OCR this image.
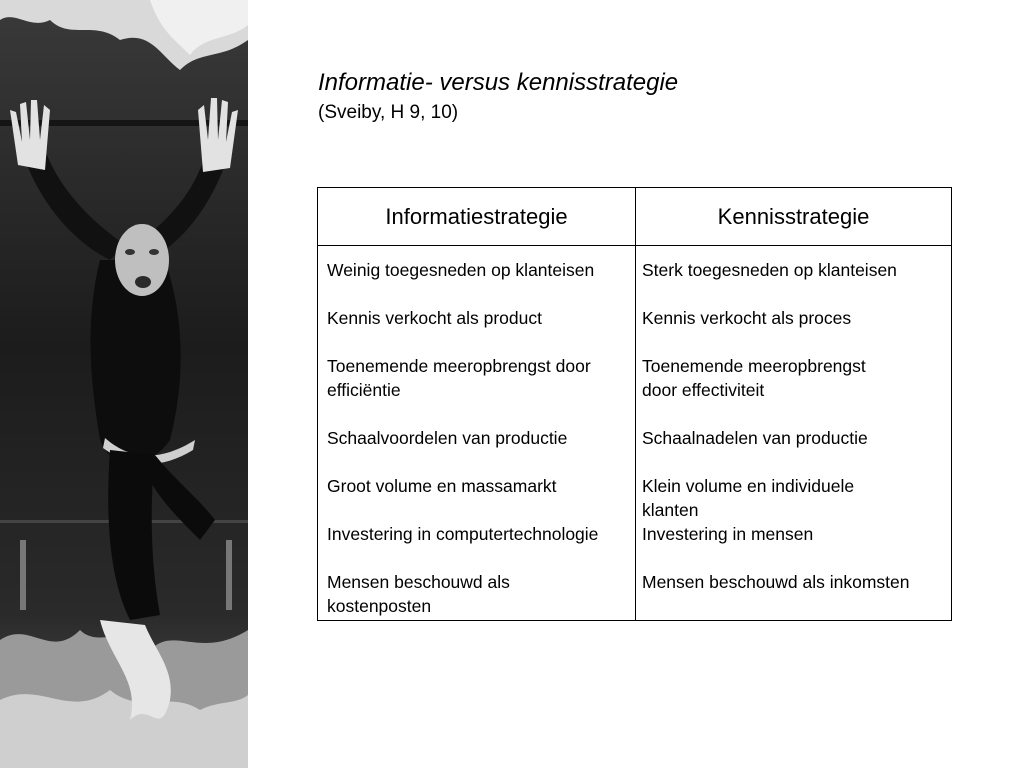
Informatie- versus kennisstrategie
(Sveiby, H 9, 10)
Informatiestrategie	Kennisstrategie
Weinig toegesneden op klanteisen
Kennis verkocht als product
Toenemende meeropbrengst door
efficiëntie
Schaalvoordelen van productie
Groot volume en massamarkt
Investering in computertechnologie
Mensen beschouwd als
kostenposten
Sterk toegesneden op klanteisen
Kennis verkocht als proces
Toenemende meeropbrengst
door effectiviteit
Schaalnadelen van productie
Klein volume en individuele
klanten
Investering in mensen
Mensen beschouwd als inkomsten
